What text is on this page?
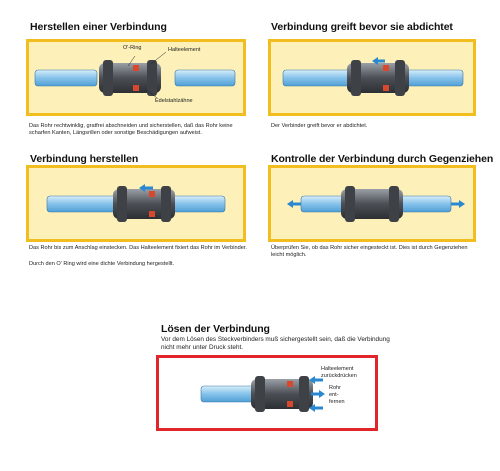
Herstellen einer Verbindung
O'-Ring	Halteelement
Edelstahlzähne
Das Rohr rechtwinklig, gratfrei abschneiden und sicherstellen, daß das Rohr keine scharfen Kanten, Längsrillen oder sonstige Beschädigungen aufweist.
Verbindung greift bevor sie abdichtet
Der Verbinder greift bevor er abdichtet.
Verbindung herstellen
Das Rohr bis zum Anschlag einstecken. Das Halteelement fixiert das Rohr im Verbinder.
Durch den O' Ring wird eine dichte Verbindung hergestellt.
Kontrolle der Verbindung durch Gegenziehen
Überprüfen Sie, ob das Rohr sicher eingesteckt ist. Dies ist durch Gegenziehen leicht möglich.
Lösen der Verbindung
Vor dem Lösen des Steckverbinders muß sichergestellt sein, daß die Verbindung nicht mehr unter Druck steht.
Halteelement
zurückdrücken
Rohr
ent-
fernen
